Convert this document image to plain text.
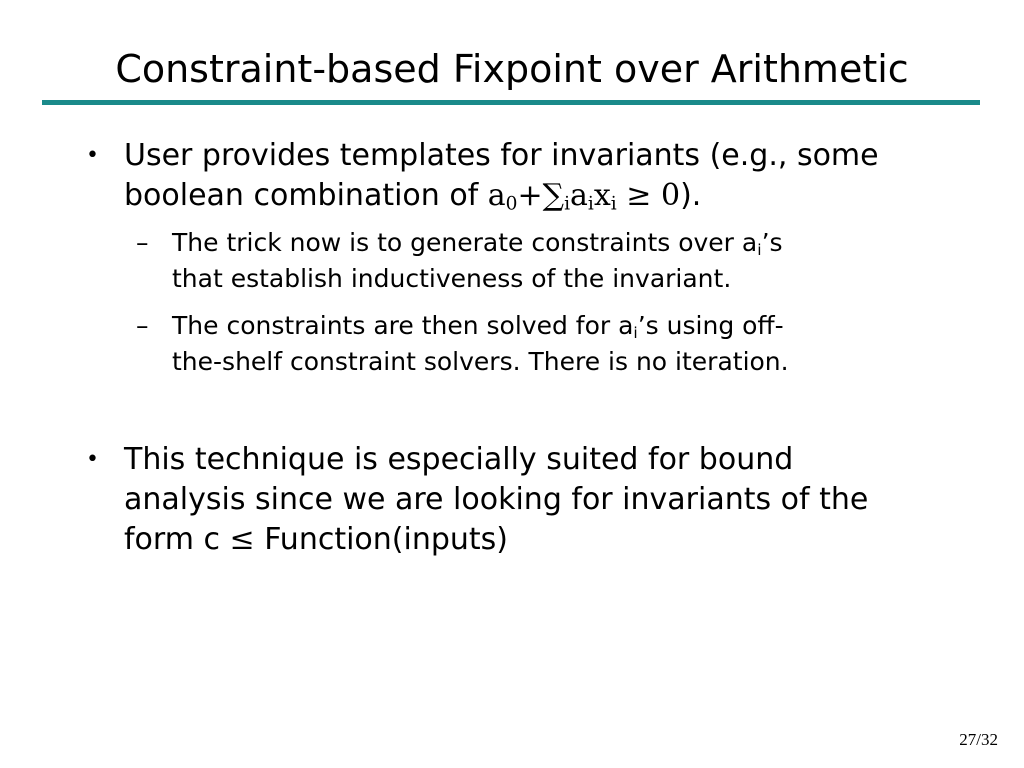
Constraint-based Fixpoint over Arithmetic
• User provides templates for invariants (e.g., some
boolean combination of $a_0+\sum_ia_ix_i \ge 0$).
– The trick now is to generate constraints over $a_i’s$
that establish inductiveness of the invariant.
– The constraints are then solved for $a_i’s$ using off-
the-shelf constraint solvers. There is no iteration.
• This technique is especially suited for bound
analysis since we are looking for invariants of the
form c ≤ Function(inputs)
27/32
